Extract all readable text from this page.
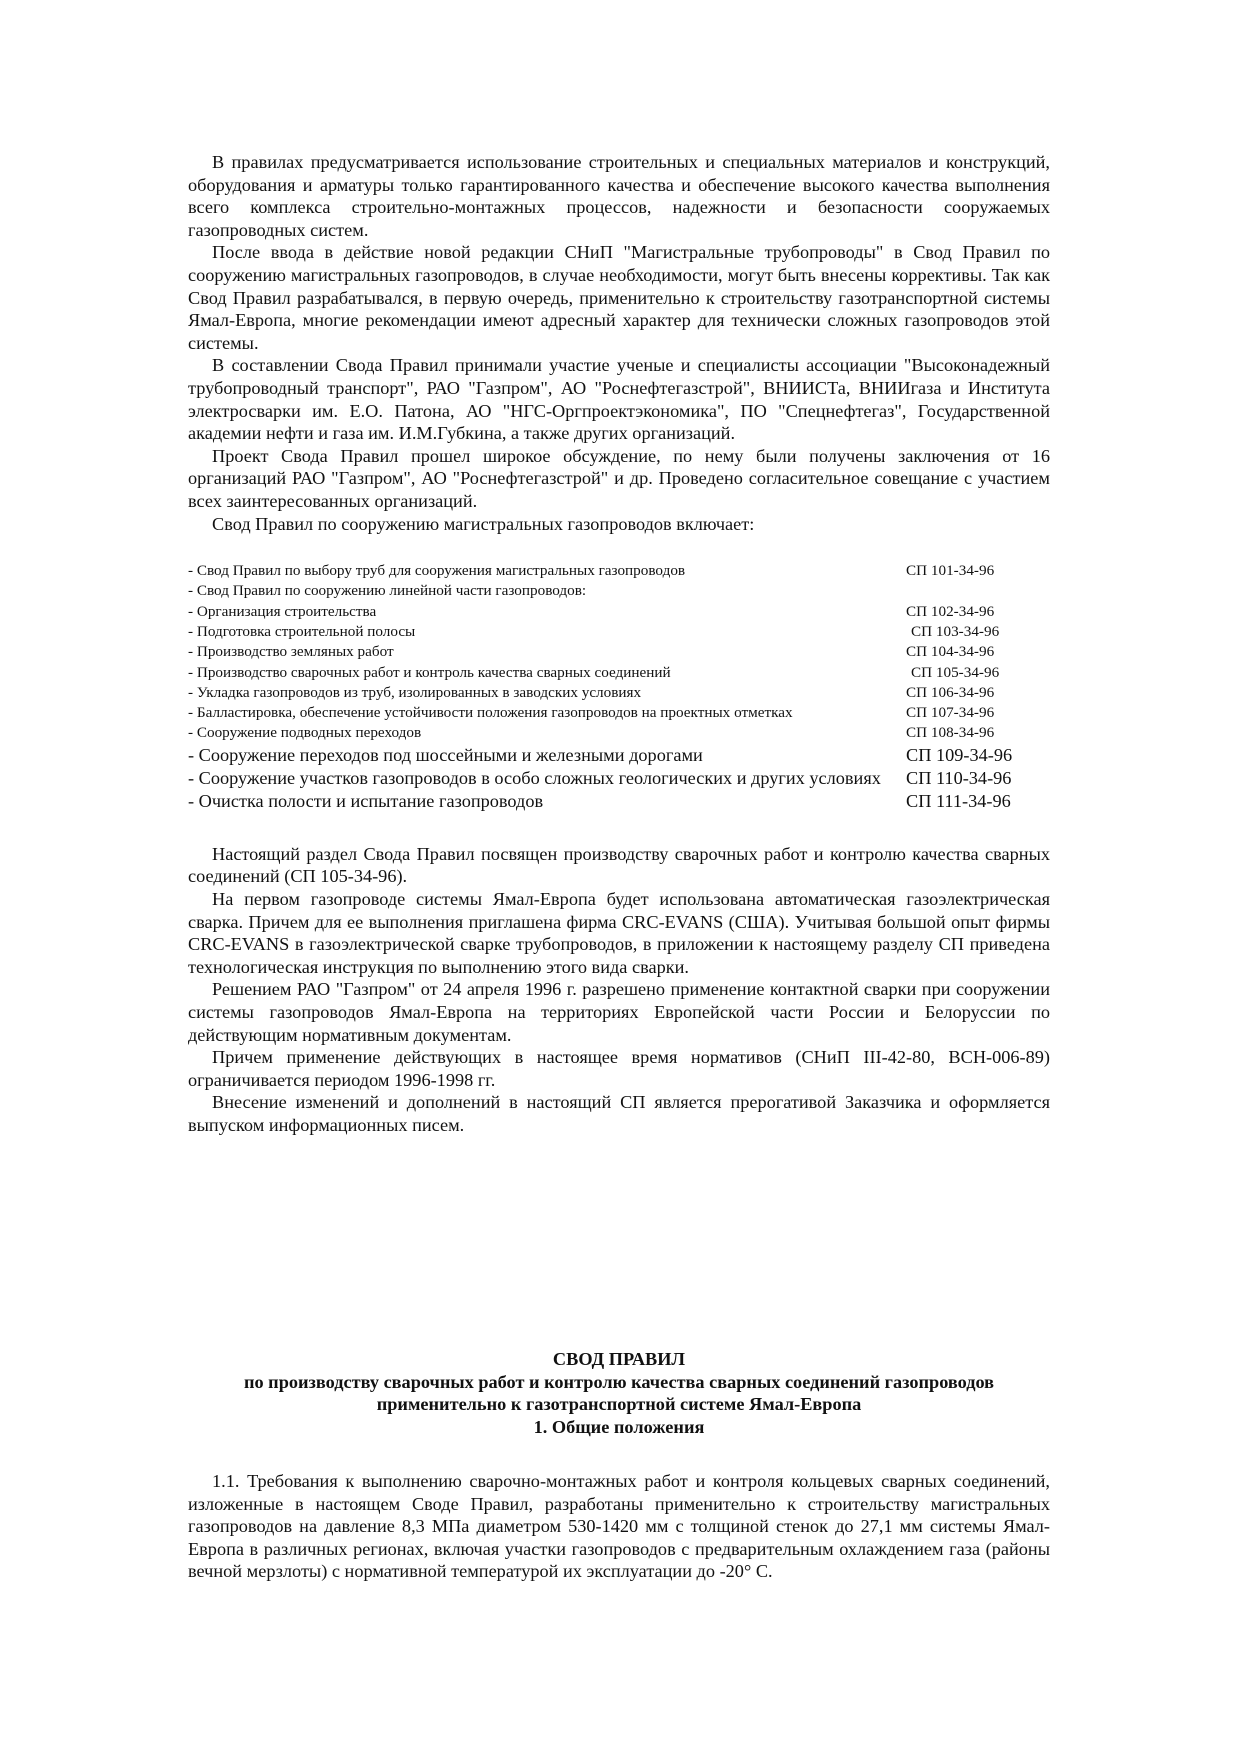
В правилах предусматривается использование строительных и специальных материалов и конструкций, оборудования и арматуры только гарантированного качества и обеспечение высокого качества выполнения всего комплекса строительно-монтажных процессов, надежности и безопасности сооружаемых газопроводных систем.

После ввода в действие новой редакции СНиП "Магистральные трубопроводы" в Свод Правил по сооружению магистральных газопроводов, в случае необходимости, могут быть внесены коррективы. Так как Свод Правил разрабатывался, в первую очередь, применительно к строительству газотранспортной системы Ямал-Европа, многие рекомендации имеют адресный характер для технически сложных газопроводов этой системы.

В составлении Свода Правил принимали участие ученые и специалисты ассоциации "Высоконадежный трубопроводный транспорт", РАО "Газпром", АО "Роснефтегазстрой", ВНИИСТа, ВНИИгаза и Института электросварки им. Е.О. Патона, АО "НГС-Оргпроектэкономика", ПО "Спецнефтегаз", Государственной академии нефти и газа им. И.М.Губкина, а также других организаций.

Проект Свода Правил прошел широкое обсуждение, по нему были получены заключения от 16 организаций РАО "Газпром", АО "Роснефтегазстрой" и др. Проведено согласительное совещание с участием всех заинтересованных организаций.

Свод Правил по сооружению магистральных газопроводов включает:

- Свод Правил по выбору труб для сооружения магистральных газопроводов	СП 101-34-96
- Свод Правил по сооружению линейной части газопроводов:
- Организация строительства	СП 102-34-96
- Подготовка строительной полосы	СП 103-34-96
- Производство земляных работ	СП 104-34-96
- Производство сварочных работ и контроль качества сварных соединений	СП 105-34-96
- Укладка газопроводов из труб, изолированных в заводских условиях	СП 106-34-96
- Балластировка, обеспечение устойчивости положения газопроводов на проектных отметках	СП 107-34-96
- Сооружение подводных переходов	СП 108-34-96
- Сооружение переходов под шоссейными и железными дорогами	СП 109-34-96
- Сооружение участков газопроводов в особо сложных геологических и других условиях	СП 110-34-96
- Очистка полости и испытание газопроводов	СП 111-34-96

Настоящий раздел Свода Правил посвящен производству сварочных работ и контролю качества сварных соединений (СП 105-34-96).

На первом газопроводе системы Ямал-Европа будет использована автоматическая газоэлектрическая сварка. Причем для ее выполнения приглашена фирма CRC-EVANS (США). Учитывая большой опыт фирмы CRC-EVANS в газоэлектрической сварке трубопроводов, в приложении к настоящему разделу СП приведена технологическая инструкция по выполнению этого вида сварки.

Решением РАО "Газпром" от 24 апреля 1996 г. разрешено применение контактной сварки при сооружении системы газопроводов Ямал-Европа на территориях Европейской части России и Белоруссии по действующим нормативным документам.

Причем применение действующих в настоящее время нормативов (СНиП III-42-80, ВСН-006-89) ограничивается периодом 1996-1998 гг.

Внесение изменений и дополнений в настоящий СП является прерогативой Заказчика и оформляется выпуском информационных писем.

СВОД ПРАВИЛ
по производству сварочных работ и контролю качества сварных соединений газопроводов
применительно к газотранспортной системе Ямал-Европа
1. Общие положения

1.1. Требования к выполнению сварочно-монтажных работ и контроля кольцевых сварных соединений, изложенные в настоящем Своде Правил, разработаны применительно к строительству магистральных газопроводов на давление 8,3 МПа диаметром 530-1420 мм с толщиной стенок до 27,1 мм системы Ямал-Европа в различных регионах, включая участки газопроводов с предварительным охлаждением газа (районы вечной мерзлоты) с нормативной температурой их эксплуатации до -20° С.
